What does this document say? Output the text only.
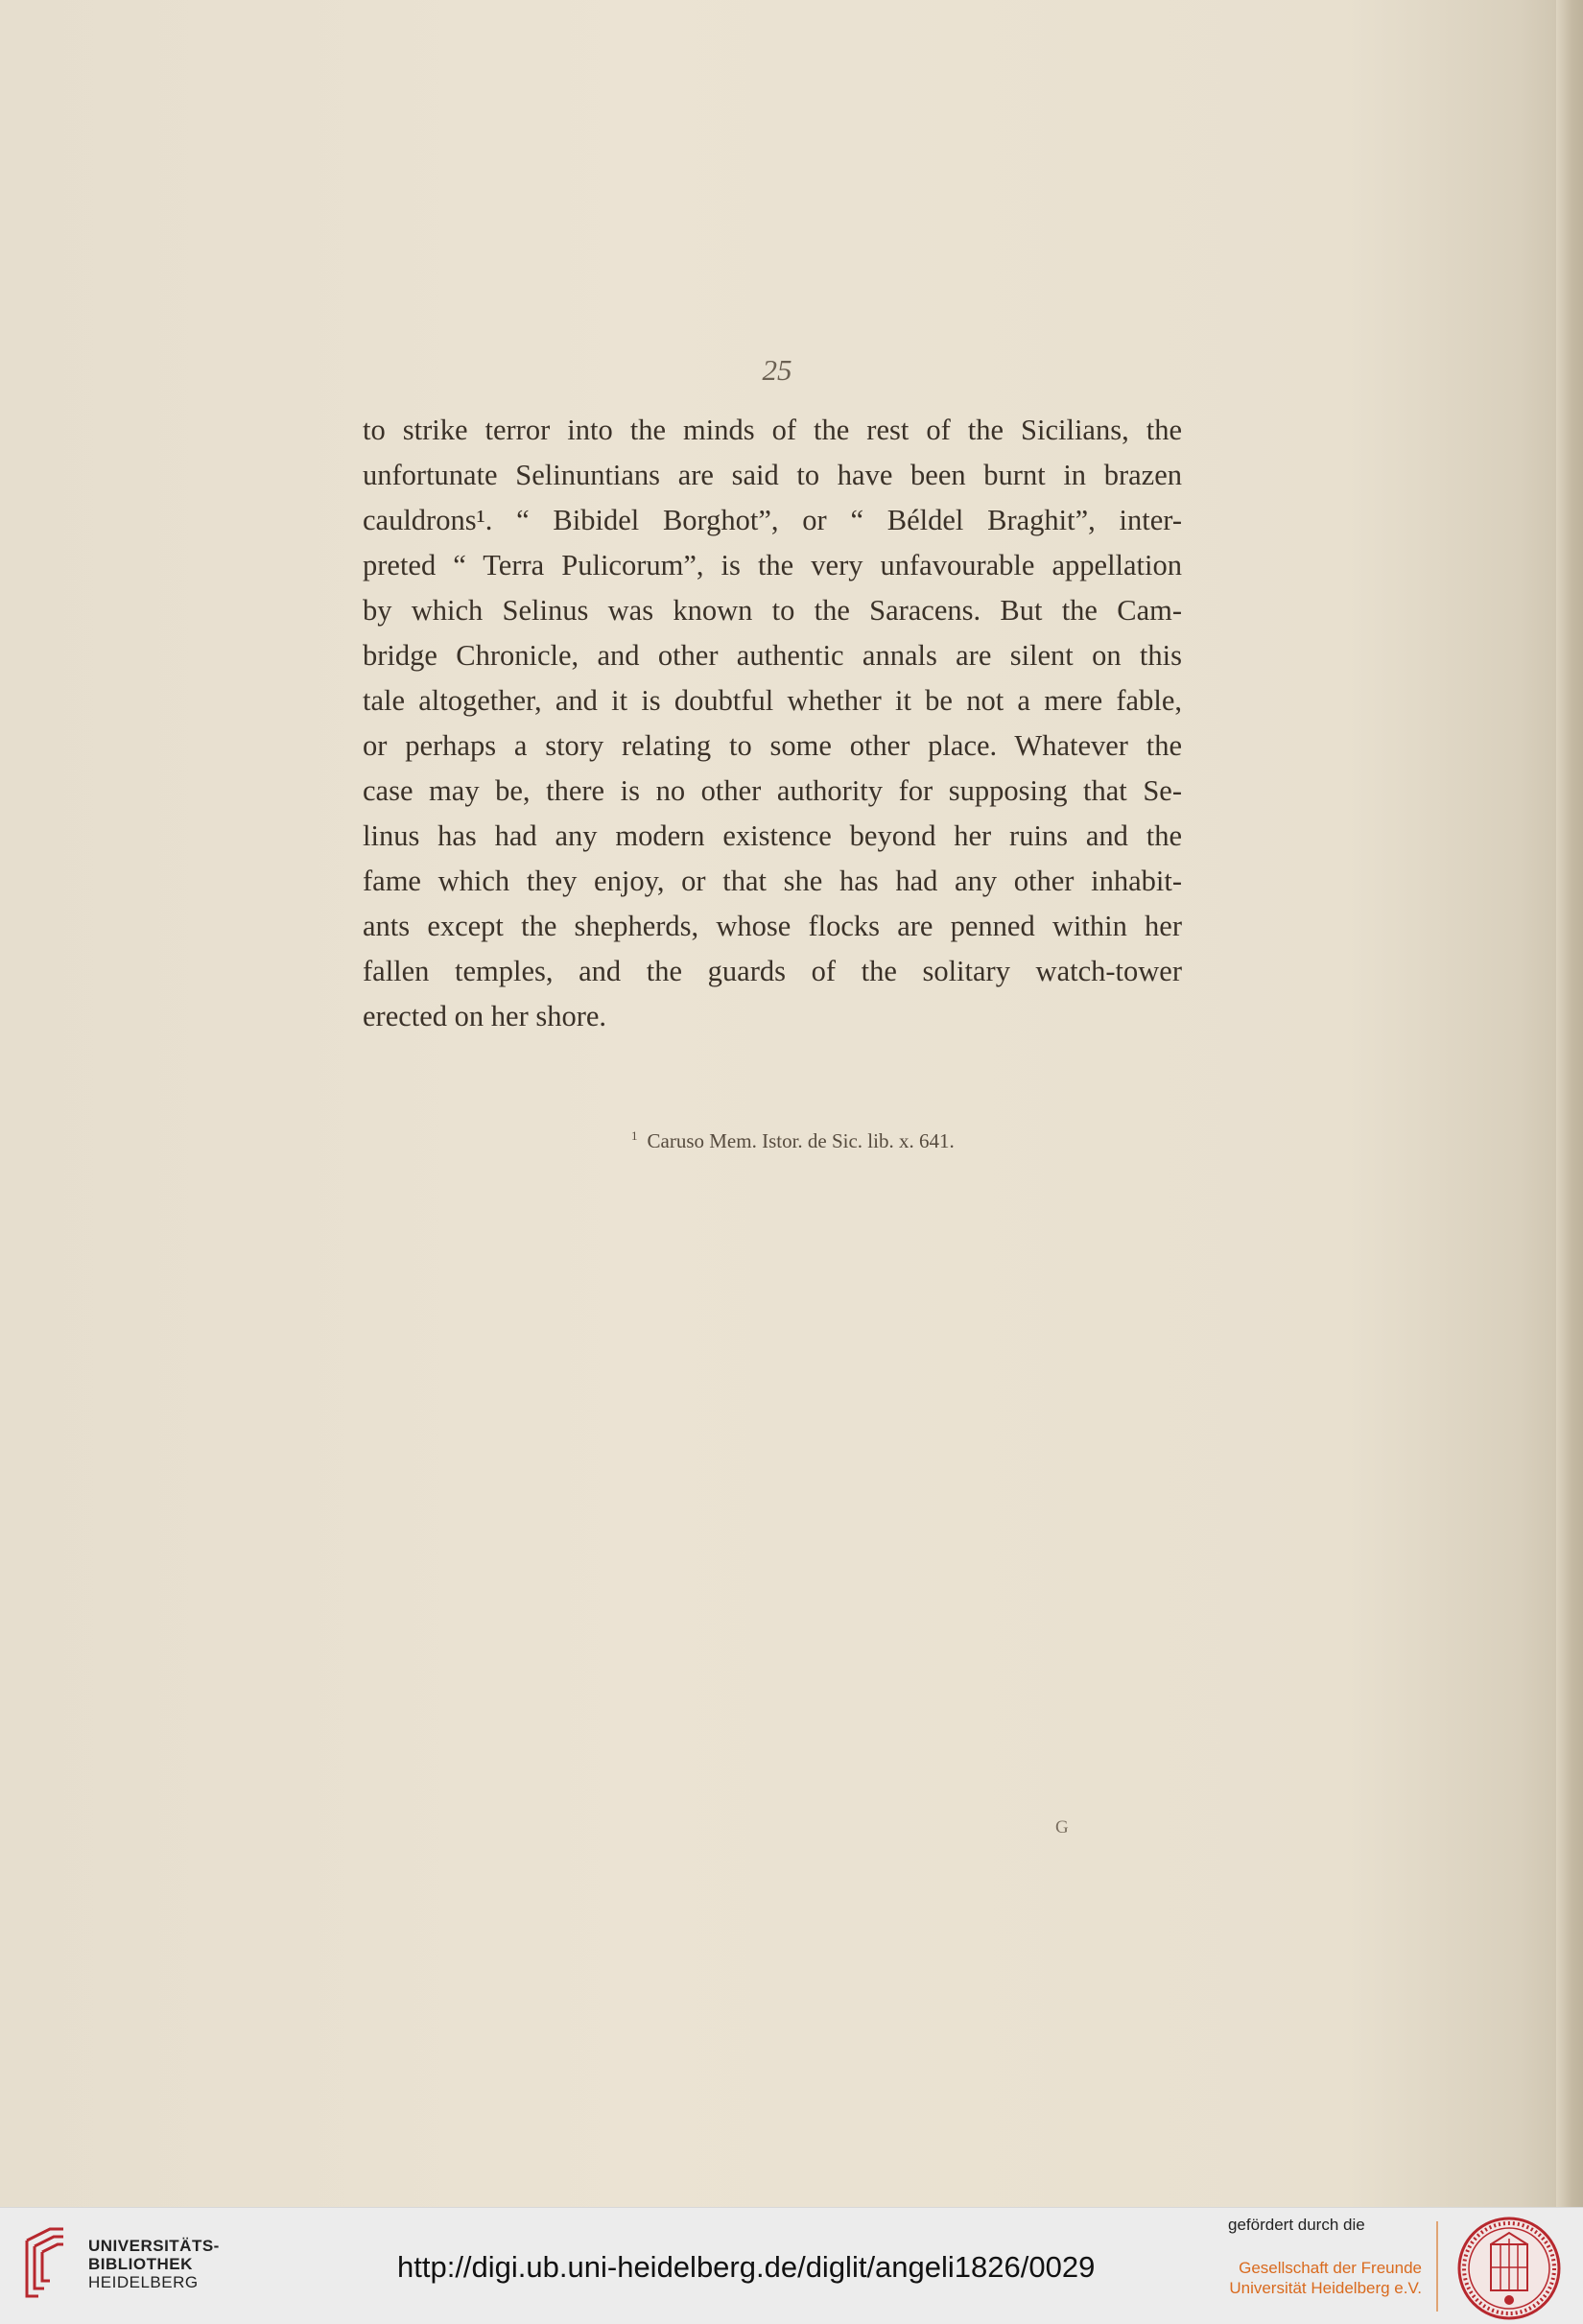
25
to strike terror into the minds of the rest of the Sicilians, the
unfortunate Selinuntians are said to have been burnt in brazen
cauldrons¹. “ Bibidel Borghot”, or “ Béldel Braghit”, inter-
preted “ Terra Pulicorum”, is the very unfavourable appellation
by which Selinus was known to the Saracens. But the Cam-
bridge Chronicle, and other authentic annals are silent on this
tale altogether, and it is doubtful whether it be not a mere fable,
or perhaps a story relating to some other place. Whatever the
case may be, there is no other authority for supposing that Se-
linus has had any modern existence beyond her ruins and the
fame which they enjoy, or that she has had any other inhabit-
ants except the shepherds, whose flocks are penned within her
fallen temples, and the guards of the solitary watch-tower
erected on her shore.
$^1$ Caruso Mem. Istor. de Sic. lib. x. 641.
G
UNIVERSITÄTS-
BIBLIOTHEK
HEIDELBERG	http://digi.ub.uni-heidelberg.de/diglit/angeli1826/0029
gefördert durch die
Gesellschaft der Freunde
Universität Heidelberg e.V.
